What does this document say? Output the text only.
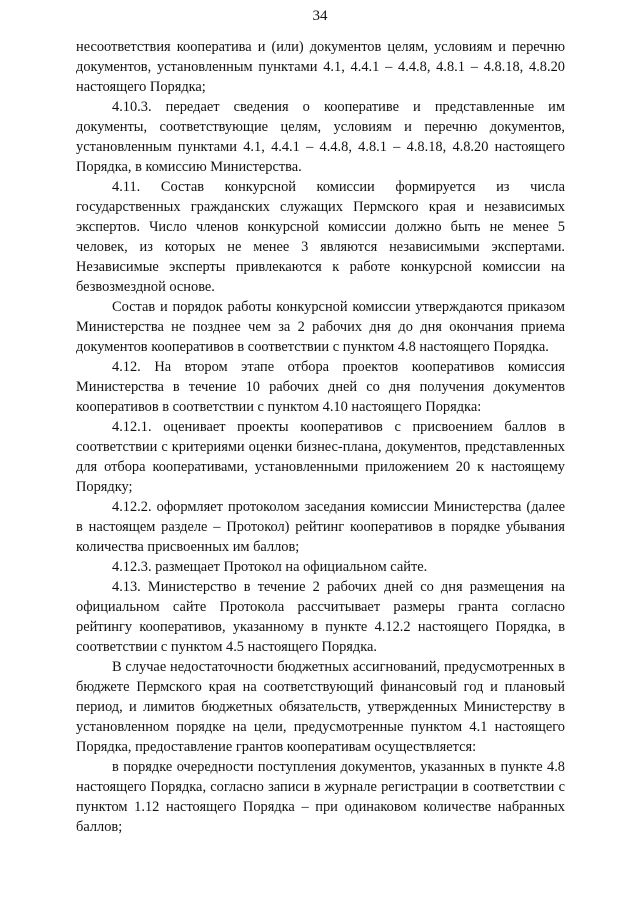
34

несоответствия кооператива и (или) документов целям, условиям и перечню документов, установленным пунктами 4.1, 4.4.1 – 4.4.8, 4.8.1 – 4.8.18, 4.8.20 настоящего Порядка;

4.10.3. передает сведения о кооперативе и представленные им документы, соответствующие целям, условиям и перечню документов, установленным пунктами 4.1, 4.4.1 – 4.4.8, 4.8.1 – 4.8.18, 4.8.20 настоящего Порядка, в комиссию Министерства.

4.11. Состав конкурсной комиссии формируется из числа государственных гражданских служащих Пермского края и независимых экспертов. Число членов конкурсной комиссии должно быть не менее 5 человек, из которых не менее 3 являются независимыми экспертами. Независимые эксперты привлекаются к работе конкурсной комиссии на безвозмездной основе.

Состав и порядок работы конкурсной комиссии утверждаются приказом Министерства не позднее чем за 2 рабочих дня до дня окончания приема документов кооперативов в соответствии с пунктом 4.8 настоящего Порядка.

4.12. На втором этапе отбора проектов кооперативов комиссия Министерства в течение 10 рабочих дней со дня получения документов кооперативов в соответствии с пунктом 4.10 настоящего Порядка:

4.12.1. оценивает проекты кооперативов с присвоением баллов в соответствии с критериями оценки бизнес-плана, документов, представленных для отбора кооперативами, установленными приложением 20 к настоящему Порядку;

4.12.2. оформляет протоколом заседания комиссии Министерства (далее в настоящем разделе – Протокол) рейтинг кооперативов в порядке убывания количества присвоенных им баллов;

4.12.3. размещает Протокол на официальном сайте.

4.13. Министерство в течение 2 рабочих дней со дня размещения на официальном сайте Протокола рассчитывает размеры гранта согласно рейтингу кооперативов, указанному в пункте 4.12.2 настоящего Порядка, в соответствии с пунктом 4.5 настоящего Порядка.

В случае недостаточности бюджетных ассигнований, предусмотренных в бюджете Пермского края на соответствующий финансовый год и плановый период, и лимитов бюджетных обязательств, утвержденных Министерству в установленном порядке на цели, предусмотренные пунктом 4.1 настоящего Порядка, предоставление грантов кооперативам осуществляется:

в порядке очередности поступления документов, указанных в пункте 4.8 настоящего Порядка, согласно записи в журнале регистрации в соответствии с пунктом 1.12 настоящего Порядка – при одинаковом количестве набранных баллов;
